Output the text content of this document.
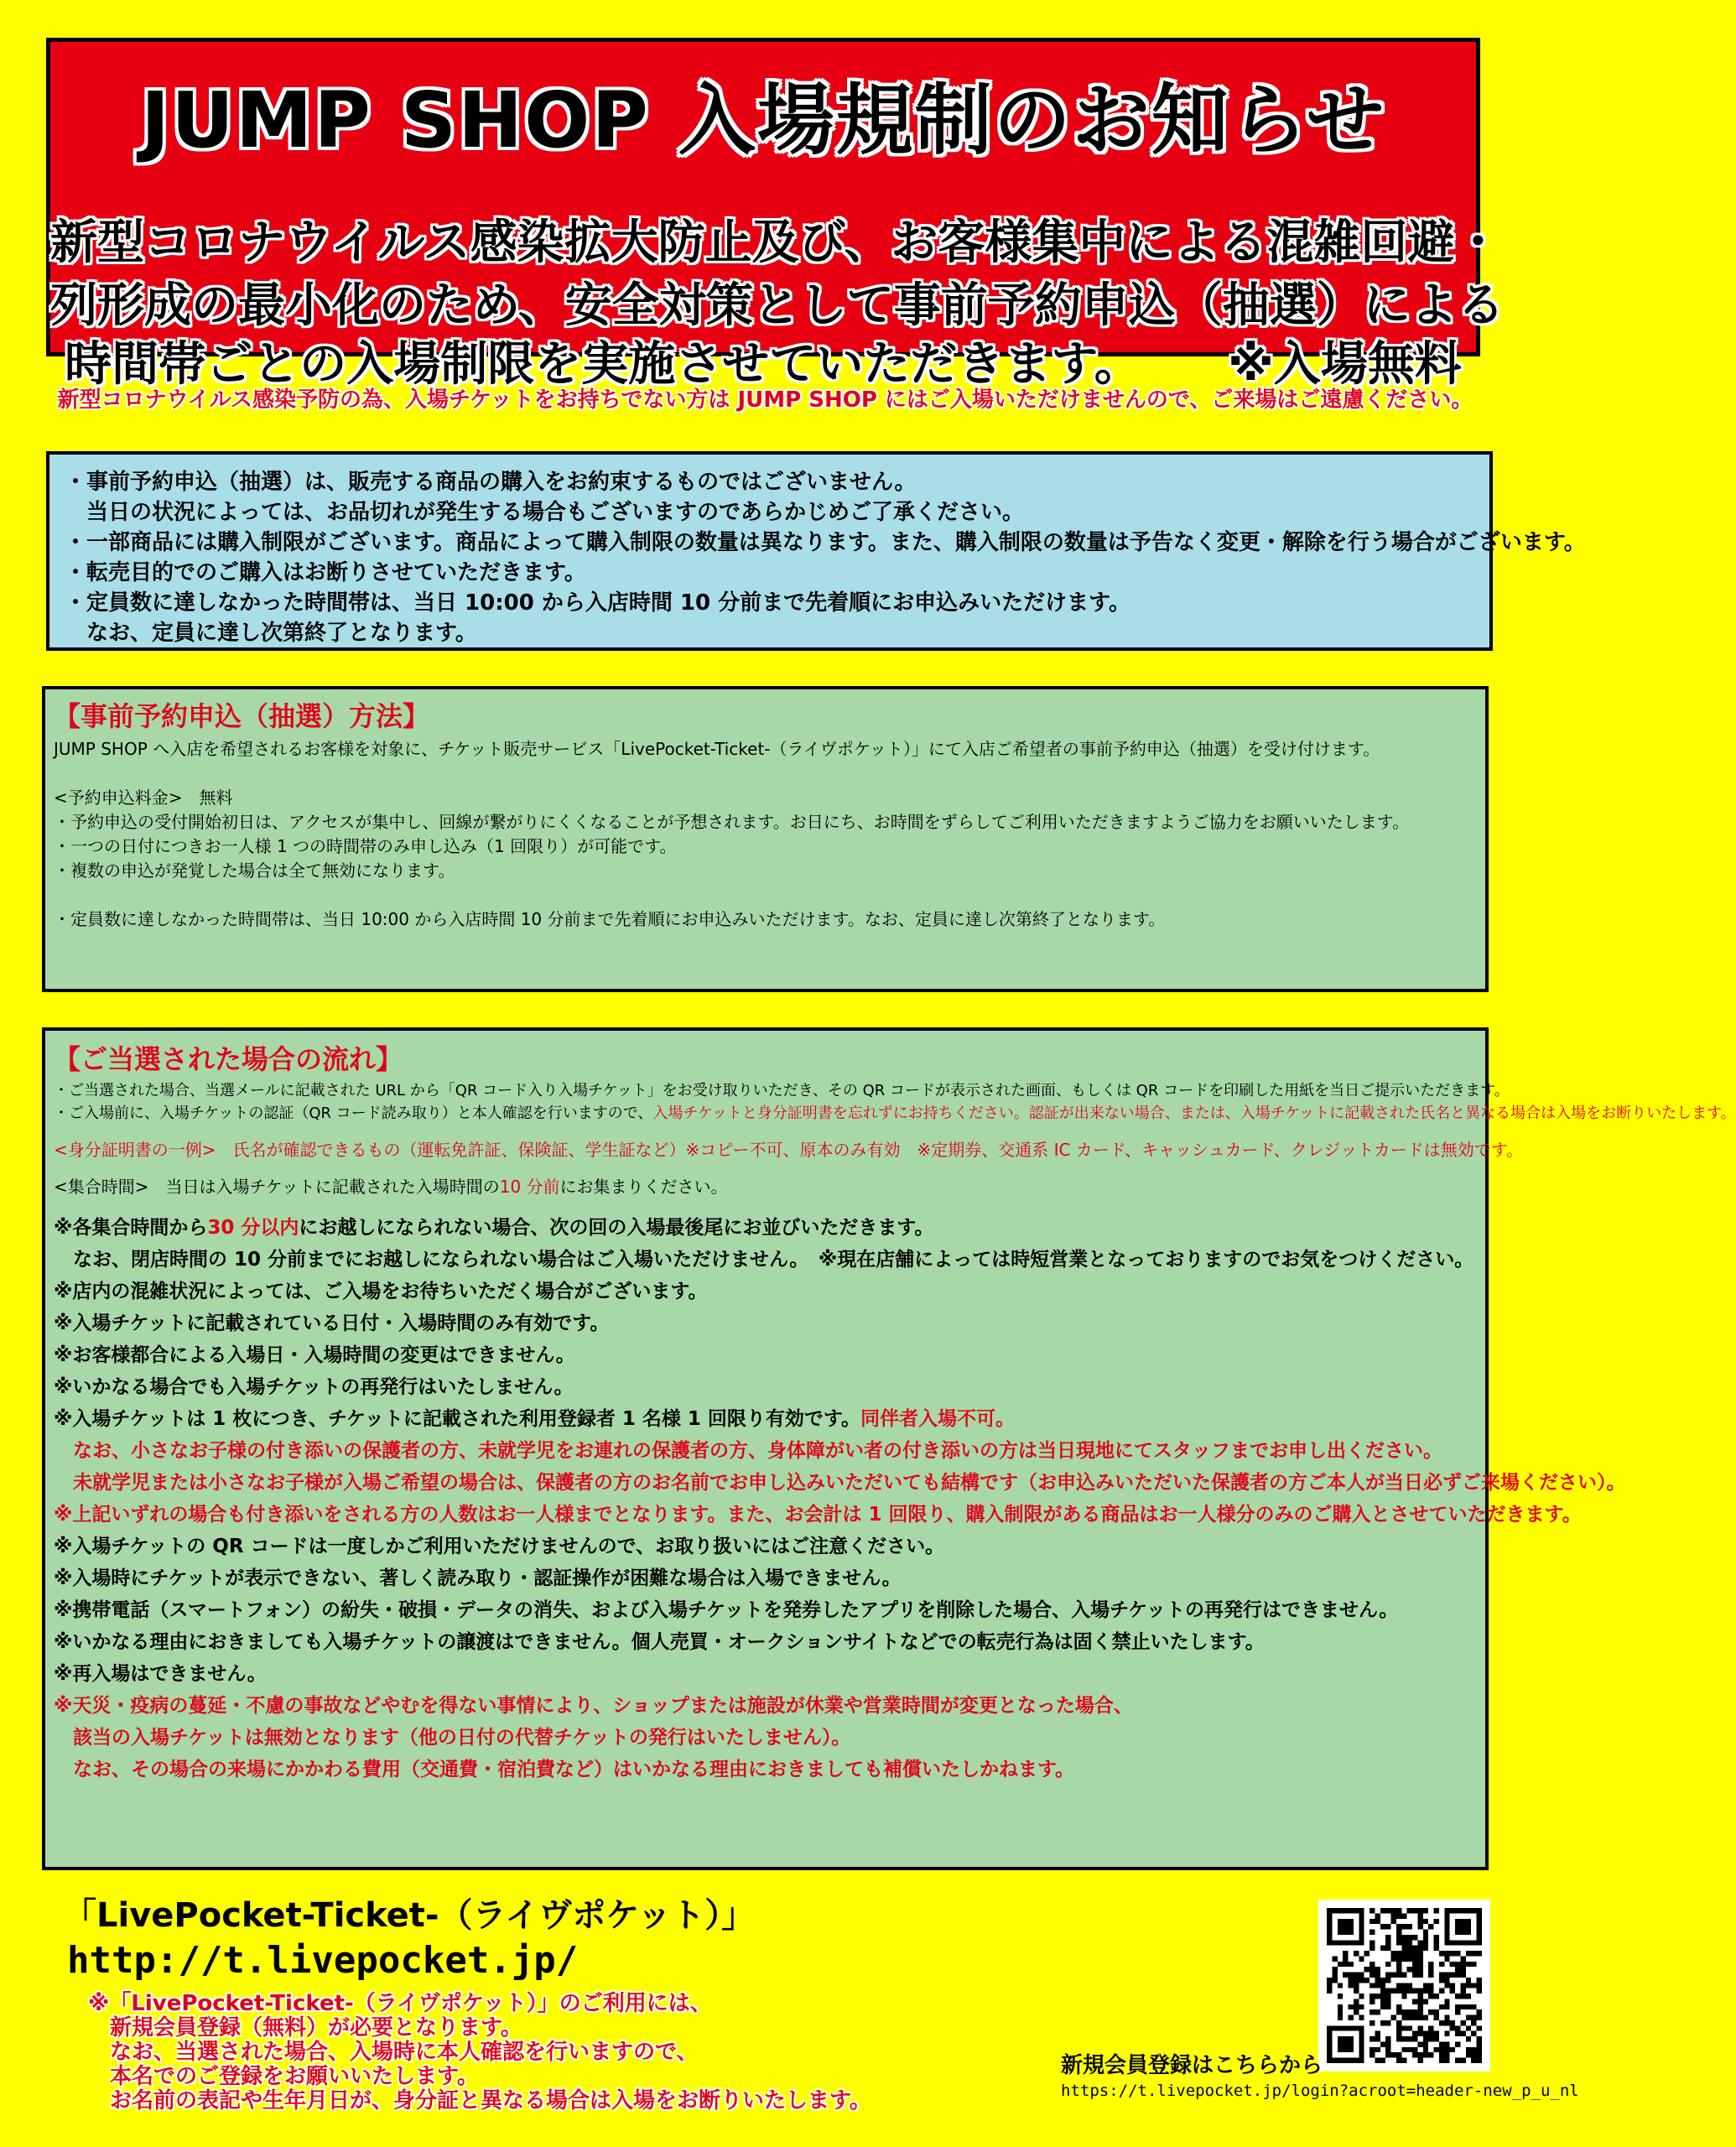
JUMP SHOP 入場規制のお知らせ
新型コロナウイルス感染拡大防止及び、お客様集中による混雑回避・
列形成の最小化のため、安全対策として事前予約申込（抽選）による
時間帯ごとの入場制限を実施させていただきます。　　 ※入場無料
新型コロナウイルス感染予防の為、入場チケットをお持ちでない方は JUMP SHOP にはご入場いただけませんので、ご来場はご遠慮ください。
・事前予約申込（抽選）は、販売する商品の購入をお約束するものではございません。
　当日の状況によっては、お品切れが発生する場合もございますのであらかじめご了承ください。
・一部商品には購入制限がございます。商品によって購入制限の数量は異なります。また、購入制限の数量は予告なく変更・解除を行う場合がございます。
・転売目的でのご購入はお断りさせていただきます。
・定員数に達しなかった時間帯は、当日 10:00 から入店時間 10 分前まで先着順にお申込みいただけます。
　なお、定員に達し次第終了となります。
【事前予約申込（抽選）方法】
JUMP SHOP へ入店を希望されるお客様を対象に、チケット販売サービス「LivePocket-Ticket-（ライヴポケット）」にて入店ご希望者の事前予約申込（抽選）を受け付けます。
<予約申込料金>　無料
・予約申込の受付開始初日は、アクセスが集中し、回線が繋がりにくくなることが予想されます。お日にち、お時間をずらしてご利用いただきますようご協力をお願いいたします。
・一つの日付につきお一人様 1 つの時間帯のみ申し込み（1 回限り）が可能です。
・複数の申込が発覚した場合は全て無効になります。
・定員数に達しなかった時間帯は、当日 10:00 から入店時間 10 分前まで先着順にお申込みいただけます。なお、定員に達し次第終了となります。
【ご当選された場合の流れ】
・ご当選された場合、当選メールに記載された URL から「QR コード入り入場チケット」をお受け取りいただき、その QR コードが表示された画面、もしくは QR コードを印刷した用紙を当日ご提示いただきます。
・ご入場前に、入場チケットの認証（QR コード読み取り）と本人確認を行いますので、入場チケットと身分証明書を忘れずにお持ちください。認証が出来ない場合、または、入場チケットに記載された氏名と異なる場合は入場をお断りいたします。
<身分証明書の一例>　氏名が確認できるもの（運転免許証、保険証、学生証など）※コピー不可、原本のみ有効　※定期券、交通系 IC カード、キャッシュカード、クレジットカードは無効です。
<集合時間>　当日は入場チケットに記載された入場時間の10 分前にお集まりください。
※各集合時間から30 分以内にお越しになられない場合、次の回の入場最後尾にお並びいただきます。
　なお、閉店時間の 10 分前までにお越しになられない場合はご入場いただけません。　※現在店舗によっては時短営業となっておりますのでお気をつけください。
※店内の混雑状況によっては、ご入場をお待ちいただく場合がございます。
※入場チケットに記載されている日付・入場時間のみ有効です。
※お客様都合による入場日・入場時間の変更はできません。
※いかなる場合でも入場チケットの再発行はいたしません。
※入場チケットは 1 枚につき、チケットに記載された利用登録者 1 名様 1 回限り有効です。同伴者入場不可。
　なお、小さなお子様の付き添いの保護者の方、未就学児をお連れの保護者の方、身体障がい者の付き添いの方は当日現地にてスタッフまでお申し出ください。
　未就学児または小さなお子様が入場ご希望の場合は、保護者の方のお名前でお申し込みいただいても結構です（お申込みいただいた保護者の方ご本人が当日必ずご来場ください）。
※上記いずれの場合も付き添いをされる方の人数はお一人様までとなります。また、お会計は 1 回限り、購入制限がある商品はお一人様分のみのご購入とさせていただきます。
※入場チケットの QR コードは一度しかご利用いただけませんので、お取り扱いにはご注意ください。
※入場時にチケットが表示できない、著しく読み取り・認証操作が困難な場合は入場できません。
※携帯電話（スマートフォン）の紛失・破損・データの消失、および入場チケットを発券したアプリを削除した場合、入場チケットの再発行はできません。
※いかなる理由におきましても入場チケットの譲渡はできません。個人売買・オークションサイトなどでの転売行為は固く禁止いたします。
※再入場はできません。
※天災・疫病の蔓延・不慮の事故などやむを得ない事情により、ショップまたは施設が休業や営業時間が変更となった場合、
　該当の入場チケットは無効となります（他の日付の代替チケットの発行はいたしません）。
　なお、その場合の来場にかかわる費用（交通費・宿泊費など）はいかなる理由におきましても補償いたしかねます。
「LivePocket-Ticket-（ライヴポケット）」
http://t.livepocket.jp/
※「LivePocket-Ticket-（ライヴポケット）」のご利用には、
　新規会員登録（無料）が必要となります。
　なお、当選された場合、入場時に本人確認を行いますので、
　本名でのご登録をお願いいたします。
　お名前の表記や生年月日が、身分証と異なる場合は入場をお断りいたします。
新規会員登録はこちらから
https://t.livepocket.jp/login?acroot=header-new_p_u_nl
